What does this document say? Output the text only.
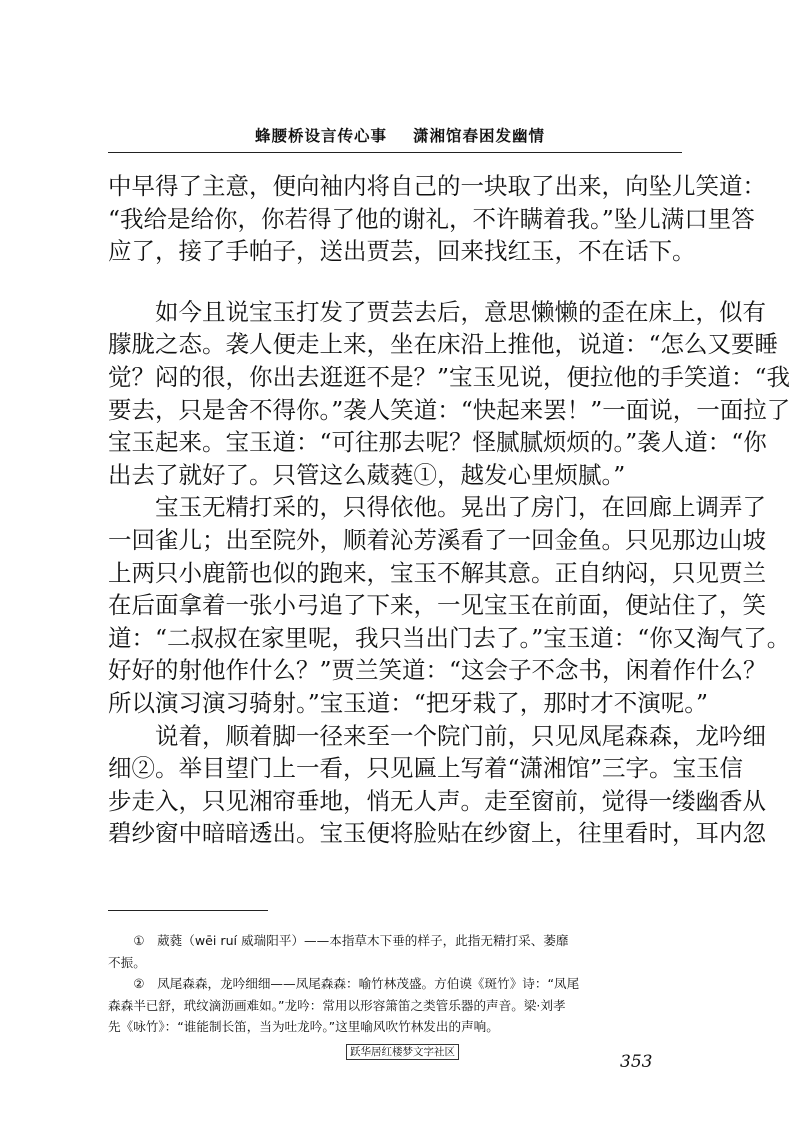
蜂腰桥设言传心事 潇湘馆春困发幽情
中早得了主意，便向袖内将自己的一块取了出来，向坠儿笑道：
“我给是给你，你若得了他的谢礼，不许瞒着我。”坠儿满口里答
应了，接了手帕子，送出贾芸，回来找红玉，不在话下。
　　如今且说宝玉打发了贾芸去后，意思懒懒的歪在床上，似有
朦胧之态。袭人便走上来，坐在床沿上推他，说道：“怎么又要睡
觉？闷的很，你出去逛逛不是？”宝玉见说，便拉他的手笑道：“我
要去，只是舍不得你。”袭人笑道：“快起来罢！”一面说，一面拉了
宝玉起来。宝玉道：“可往那去呢？怪腻腻烦烦的。”袭人道：“你
出去了就好了。只管这么葳蕤①，越发心里烦腻。”
　　宝玉无精打采的，只得依他。晃出了房门，在回廊上调弄了
一回雀儿；出至院外，顺着沁芳溪看了一回金鱼。只见那边山坡
上两只小鹿箭也似的跑来，宝玉不解其意。正自纳闷，只见贾兰
在后面拿着一张小弓追了下来，一见宝玉在前面，便站住了，笑
道：“二叔叔在家里呢，我只当出门去了。”宝玉道：“你又淘气了。
好好的射他作什么？”贾兰笑道：“这会子不念书，闲着作什么？
所以演习演习骑射。”宝玉道：“把牙栽了，那时才不演呢。”
　　说着，顺着脚一径来至一个院门前，只见凤尾森森，龙吟细
细②。举目望门上一看，只见匾上写着“潇湘馆”三字。宝玉信
步走入，只见湘帘垂地，悄无人声。走至窗前，觉得一缕幽香从
碧纱窗中暗暗透出。宝玉便将脸贴在纱窗上，往里看时，耳内忽
　　①　葳蕤（wēi ruí 威瑞阳平）——本指草木下垂的样子，此指无精打采、萎靡
不振。
　　②　凤尾森森，龙吟细细——凤尾森森：喻竹林茂盛。方伯谟《斑竹》诗：“凤尾
森森半已舒，玳纹滴沥画难如。”龙吟：常用以形容箫笛之类管乐器的声音。梁·刘孝
先《咏竹》：“谁能制长笛，当为吐龙吟。”这里喻风吹竹林发出的声响。
跃华居红楼梦文字社区	353
